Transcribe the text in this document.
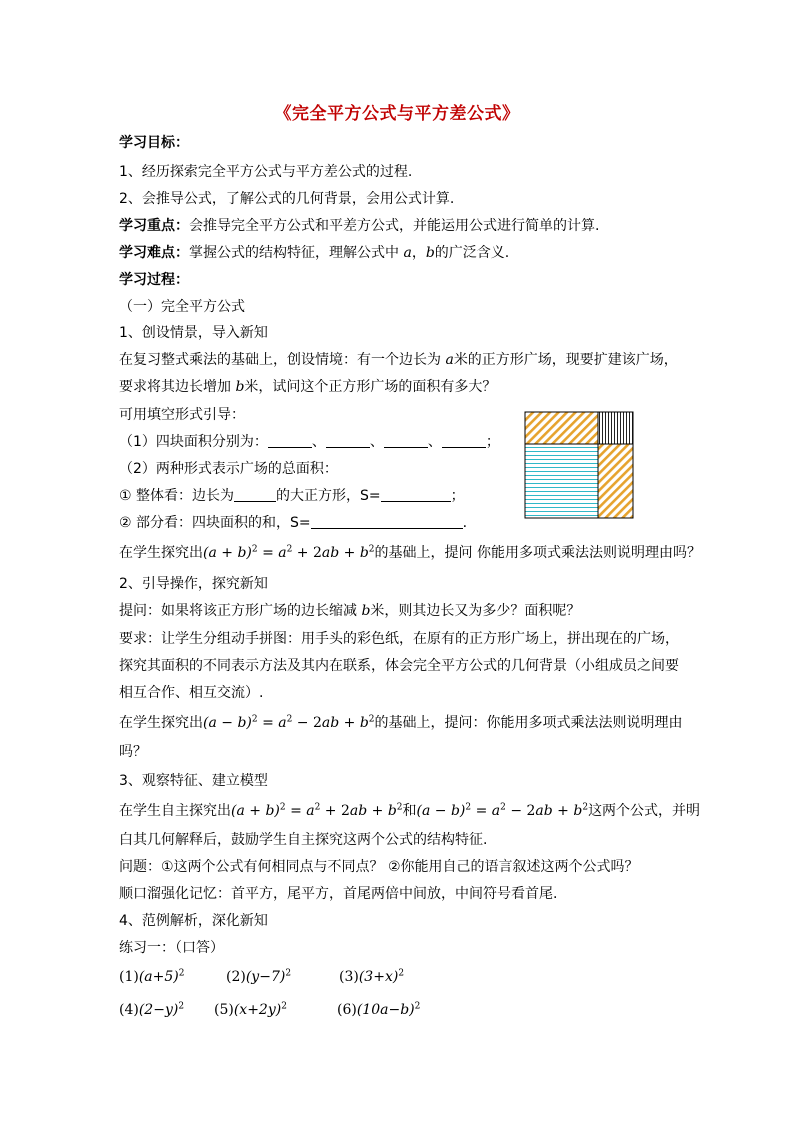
《完全平方公式与平方差公式》
学习目标：
1、经历探索完全平方公式与平方差公式的过程.
2、会推导公式，了解公式的几何背景，会用公式计算.
学习重点：会推导完全平方公式和平差方公式，并能运用公式进行简单的计算.
学习难点：掌握公式的结构特征，理解公式中 a，b的广泛含义.
学习过程：
（一）完全平方公式
1、创设情景，导入新知
在复习整式乘法的基础上，创设情境：有一个边长为 a米的正方形广场，现要扩建该广场，
要求将其边长增加 b米，试问这个正方形广场的面积有多大？
可用填空形式引导：
（1）四块面积分别为：	、	、	、	；
（2）两种形式表示广场的总面积：
① 整体看：边长为	的大正方形，S=	；
② 部分看：四块面积的和，S=	.
在学生探究出$(a + b)^2 = a^2 + 2ab + b^2$的基础上，提问 你能用多项式乘法法则说明理由吗？
2、引导操作，探究新知
提问：如果将该正方形广场的边长缩减 b米，则其边长又为多少？面积呢？
要求：让学生分组动手拼图：用手头的彩色纸，在原有的正方形广场上，拼出现在的广场，
探究其面积的不同表示方法及其内在联系，体会完全平方公式的几何背景（小组成员之间要
相互合作、相互交流）.
在学生探究出$(a - b)^2 = a^2 - 2ab + b^2$的基础上，提问：你能用多项式乘法法则说明理由
吗？
3、观察特征、建立模型
在学生自主探究出$(a + b)^2 = a^2 + 2ab + b^2$和$(a - b)^2 = a^2 - 2ab + b^2$这两个公式，并明
白其几何解释后，鼓励学生自主探究这两个公式的结构特征.
问题：①这两个公式有何相同点与不同点？ ②你能用自己的语言叙述这两个公式吗？
顺口溜强化记忆：首平方，尾平方，首尾两倍中间放，中间符号看首尾.
4、范例解析，深化新知
练习一：（口答）
$(1)(a+5)^2$	$(2)(y-7)^2$	$(3)(3+x)^2$
$(4)(2-y)^2$ $(5)(x+2y)^2$	$(6)(10a-b)^2$
